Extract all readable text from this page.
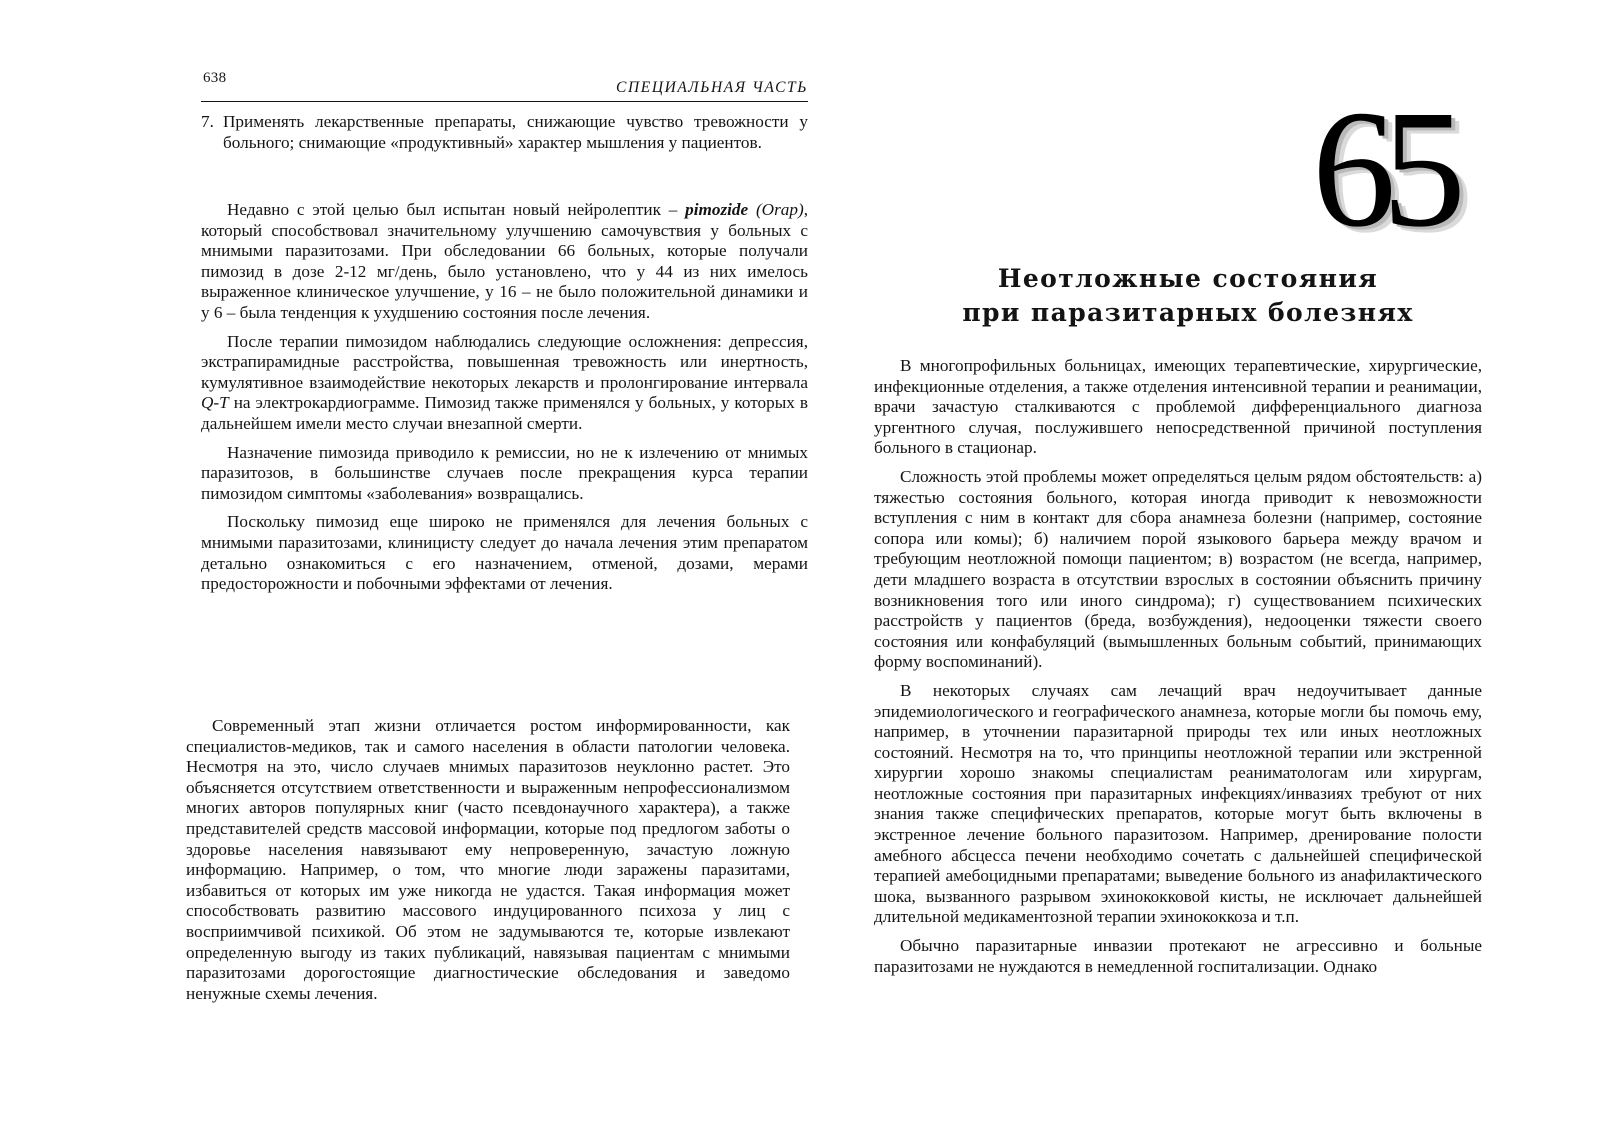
638
СПЕЦИАЛЬНАЯ ЧАСТЬ
7. Применять лекарственные препараты, снижающие чувство тревожности у больного; снимающие «продуктивный» характер мышления у пациентов.

Недавно с этой целью был испытан новый нейролептик – pimozide (Orap), который способствовал значительному улучшению самочувствия у больных с мнимыми паразитозами. При обследовании 66 больных, которые получали пимозид в дозе 2-12 мг/день, было установлено, что у 44 из них имелось выраженное клиническое улучшение, у 16 – не было положительной динамики и у 6 – была тенденция к ухудшению состояния после лечения.

После терапии пимозидом наблюдались следующие осложнения: депрессия, экстрапирамидные расстройства, повышенная тревожность или инертность, кумулятивное взаимодействие некоторых лекарств и пролонгирование интервала Q-T на электрокардиограмме. Пимозид также применялся у больных, у которых в дальнейшем имели место случаи внезапной смерти.

Назначение пимозида приводило к ремиссии, но не к излечению от мнимых паразитозов, в большинстве случаев после прекращения курса терапии пимозидом симптомы «заболевания» возвращались.

Поскольку пимозид еще широко не применялся для лечения больных с мнимыми паразитозами, клиницисту следует до начала лечения этим препаратом детально ознакомиться с его назначением, отменой, дозами, мерами предосторожности и побочными эффектами от лечения.

Современный этап жизни отличается ростом информированности, как специалистов-медиков, так и самого населения в области патологии человека. Несмотря на это, число случаев мнимых паразитозов неуклонно растет. Это объясняется отсутствием ответственности и выраженным непрофессионализмом многих авторов популярных книг (часто псевдонаучного характера), а также представителей средств массовой информации, которые под предлогом заботы о здоровье населения навязывают ему непроверенную, зачастую ложную информацию. Например, о том, что многие люди заражены паразитами, избавиться от которых им уже никогда не удастся. Такая информация может способствовать развитию массового индуцированного психоза у лиц с восприимчивой психикой. Об этом не задумываются те, которые извлекают определенную выгоду из таких публикаций, навязывая пациентам с мнимыми паразитозами дорогостоящие диагностические обследования и заведомо ненужные схемы лечения.

65
Неотложные состояния
при паразитарных болезнях

В многопрофильных больницах, имеющих терапевтические, хирургические, инфекционные отделения, а также отделения интенсивной терапии и реанимации, врачи зачастую сталкиваются с проблемой дифференциального диагноза ургентного случая, послужившего непосредственной причиной поступления больного в стационар.

Сложность этой проблемы может определяться целым рядом обстоятельств: а) тяжестью состояния больного, которая иногда приводит к невозможности вступления с ним в контакт для сбора анамнеза болезни (например, состояние сопора или комы); б) наличием порой языкового барьера между врачом и требующим неотложной помощи пациентом; в) возрастом (не всегда, например, дети младшего возраста в отсутствии взрослых в состоянии объяснить причину возникновения того или иного синдрома); г) существованием психических расстройств у пациентов (бреда, возбуждения), недооценки тяжести своего состояния или конфабуляций (вымышленных больным событий, принимающих форму воспоминаний).

В некоторых случаях сам лечащий врач недоучитывает данные эпидемиологического и географического анамнеза, которые могли бы помочь ему, например, в уточнении паразитарной природы тех или иных неотложных состояний. Несмотря на то, что принципы неотложной терапии или экстренной хирургии хорошо знакомы специалистам реаниматологам или хирургам, неотложные состояния при паразитарных инфекциях/инвазиях требуют от них знания также специфических препаратов, которые могут быть включены в экстренное лечение больного паразитозом. Например, дренирование полости амебного абсцесса печени необходимо сочетать с дальнейшей специфической терапией амебоцидными препаратами; выведение больного из анафилактического шока, вызванного разрывом эхинококковой кисты, не исключает дальнейшей длительной медикаментозной терапии эхинококкоза и т.п.

Обычно паразитарные инвазии протекают не агрессивно и больные паразитозами не нуждаются в немедленной госпитализации. Однако
